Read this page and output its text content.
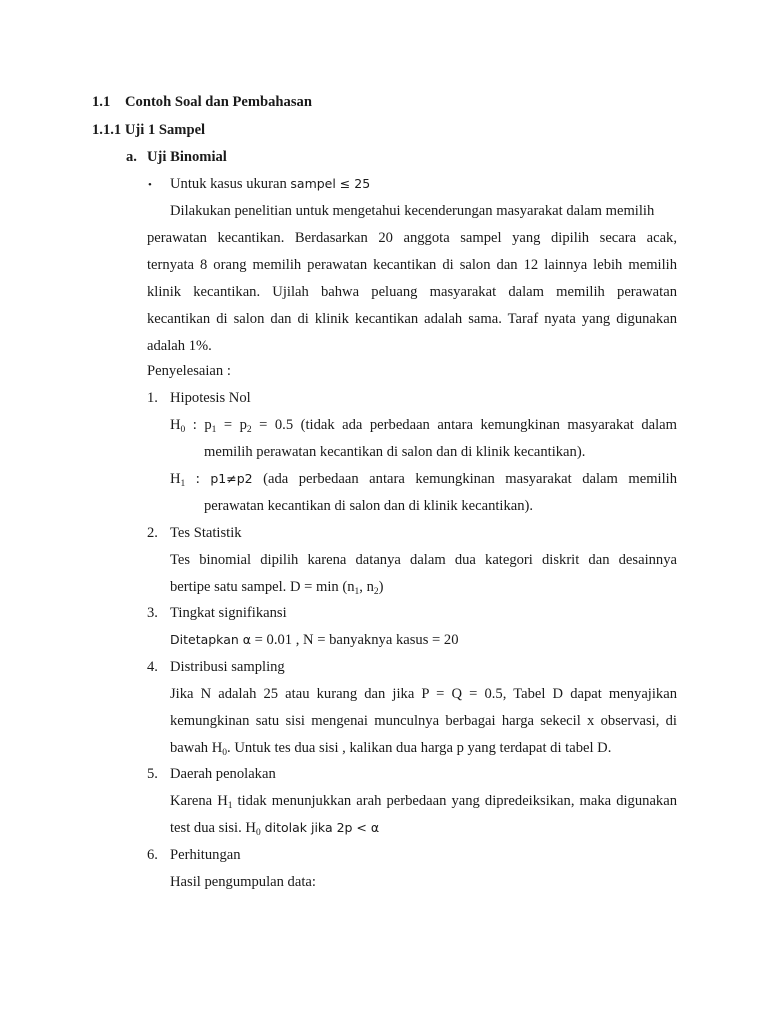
1.1 Contoh Soal dan Pembahasan
1.1.1 Uji 1 Sampel
a. Uji Binomial
• Untuk kasus ukuran sampel ≤ 25
Dilakukan penelitian untuk mengetahui kecenderungan masyarakat dalam memilih
perawatan kecantikan. Berdasarkan 20 anggota sampel yang dipilih secara acak,
ternyata 8 orang memilih perawatan kecantikan di salon dan 12 lainnya lebih memilih
klinik kecantikan. Ujilah bahwa peluang masyarakat dalam memilih perawatan
kecantikan di salon dan di klinik kecantikan adalah sama. Taraf nyata yang digunakan
adalah 1%.
Penyelesaian :
1. Hipotesis Nol
$H_0$ : $p_1 = p_2 = 0.5$ (tidak ada perbedaan antara kemungkinan masyarakat dalam
memilih perawatan kecantikan di salon dan di klinik kecantikan).
$H_1$ : p1≠p2 (ada perbedaan antara kemungkinan masyarakat dalam memilih
perawatan kecantikan di salon dan di klinik kecantikan).
2. Tes Statistik
Tes binomial dipilih karena datanya dalam dua kategori diskrit dan desainnya
bertipe satu sampel. $D = \min (n_1$, $n_2$)
3. Tingkat signifikansi
Ditetapkan α = 0.01 , N = banyaknya kasus = 20
4. Distribusi sampling
Jika N adalah 25 atau kurang dan jika P = Q = 0.5, Tabel D dapat menyajikan
kemungkinan satu sisi mengenai munculnya berbagai harga sekecil x observasi, di
bawah $H_0$. Untuk tes dua sisi , kalikan dua harga p yang terdapat di tabel D.
5. Daerah penolakan
Karena $H_1$ tidak menunjukkan arah perbedaan yang dipredeiksikan, maka digunakan
test dua sisi. $H_0$ ditolak jika 2p < α
6. Perhitungan
Hasil pengumpulan data:
